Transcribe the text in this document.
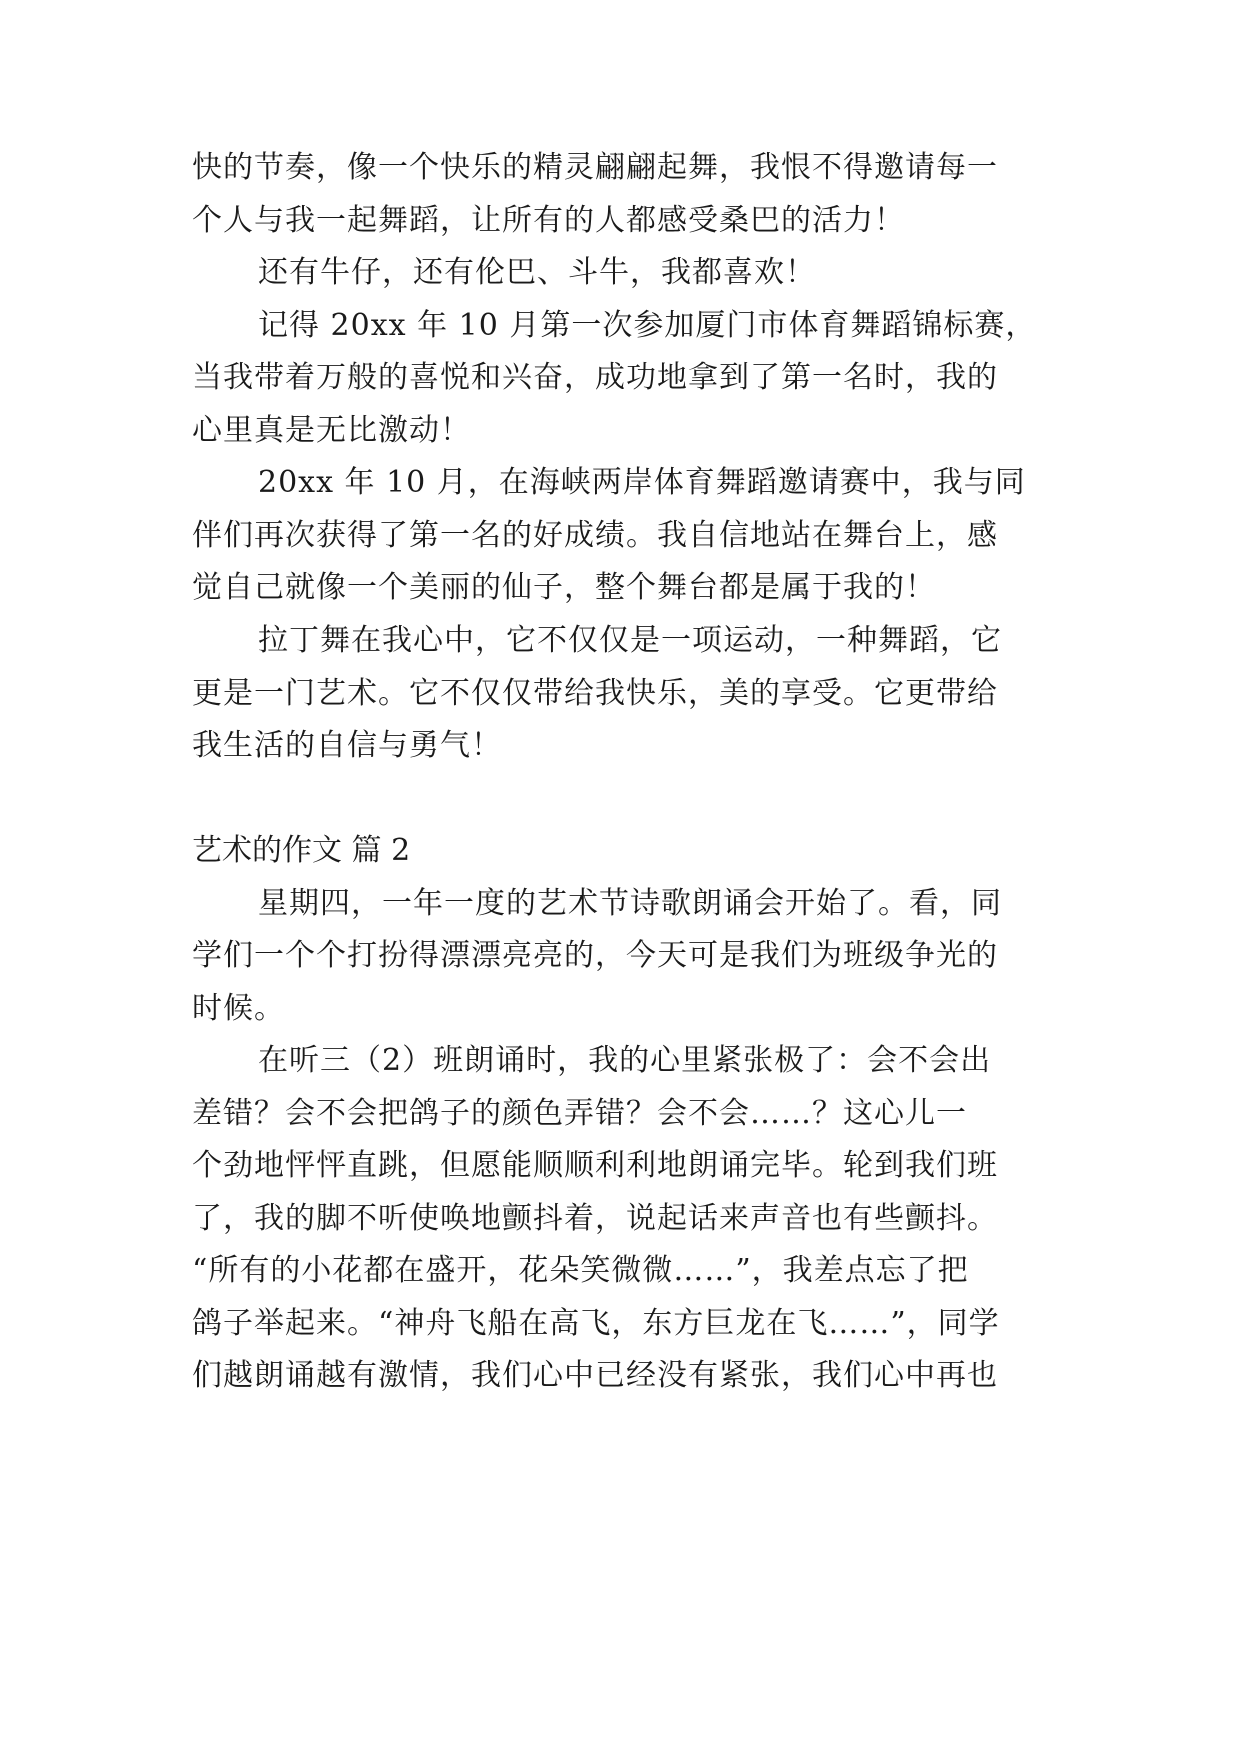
快的节奏，像一个快乐的精灵翩翩起舞，我恨不得邀请每一
个人与我一起舞蹈，让所有的人都感受桑巴的活力！
还有牛仔，还有伦巴、斗牛，我都喜欢！
记得 20xx 年 10 月第一次参加厦门市体育舞蹈锦标赛，
当我带着万般的喜悦和兴奋，成功地拿到了第一名时，我的
心里真是无比激动！
20xx 年 10 月，在海峡两岸体育舞蹈邀请赛中，我与同
伴们再次获得了第一名的好成绩。我自信地站在舞台上，感
觉自己就像一个美丽的仙子，整个舞台都是属于我的！
拉丁舞在我心中，它不仅仅是一项运动，一种舞蹈，它
更是一门艺术。它不仅仅带给我快乐，美的享受。它更带给
我生活的自信与勇气！
艺术的作文 篇 2
星期四，一年一度的艺术节诗歌朗诵会开始了。看，同
学们一个个打扮得漂漂亮亮的，今天可是我们为班级争光的
时候。
在听三（2）班朗诵时，我的心里紧张极了：会不会出
差错？会不会把鸽子的颜色弄错？会不会……？这心儿一
个劲地怦怦直跳，但愿能顺顺利利地朗诵完毕。轮到我们班
了，我的脚不听使唤地颤抖着，说起话来声音也有些颤抖。
“所有的小花都在盛开，花朵笑微微……”，我差点忘了把
鸽子举起来。“神舟飞船在高飞，东方巨龙在飞……”，同学
们越朗诵越有激情，我们心中已经没有紧张，我们心中再也
